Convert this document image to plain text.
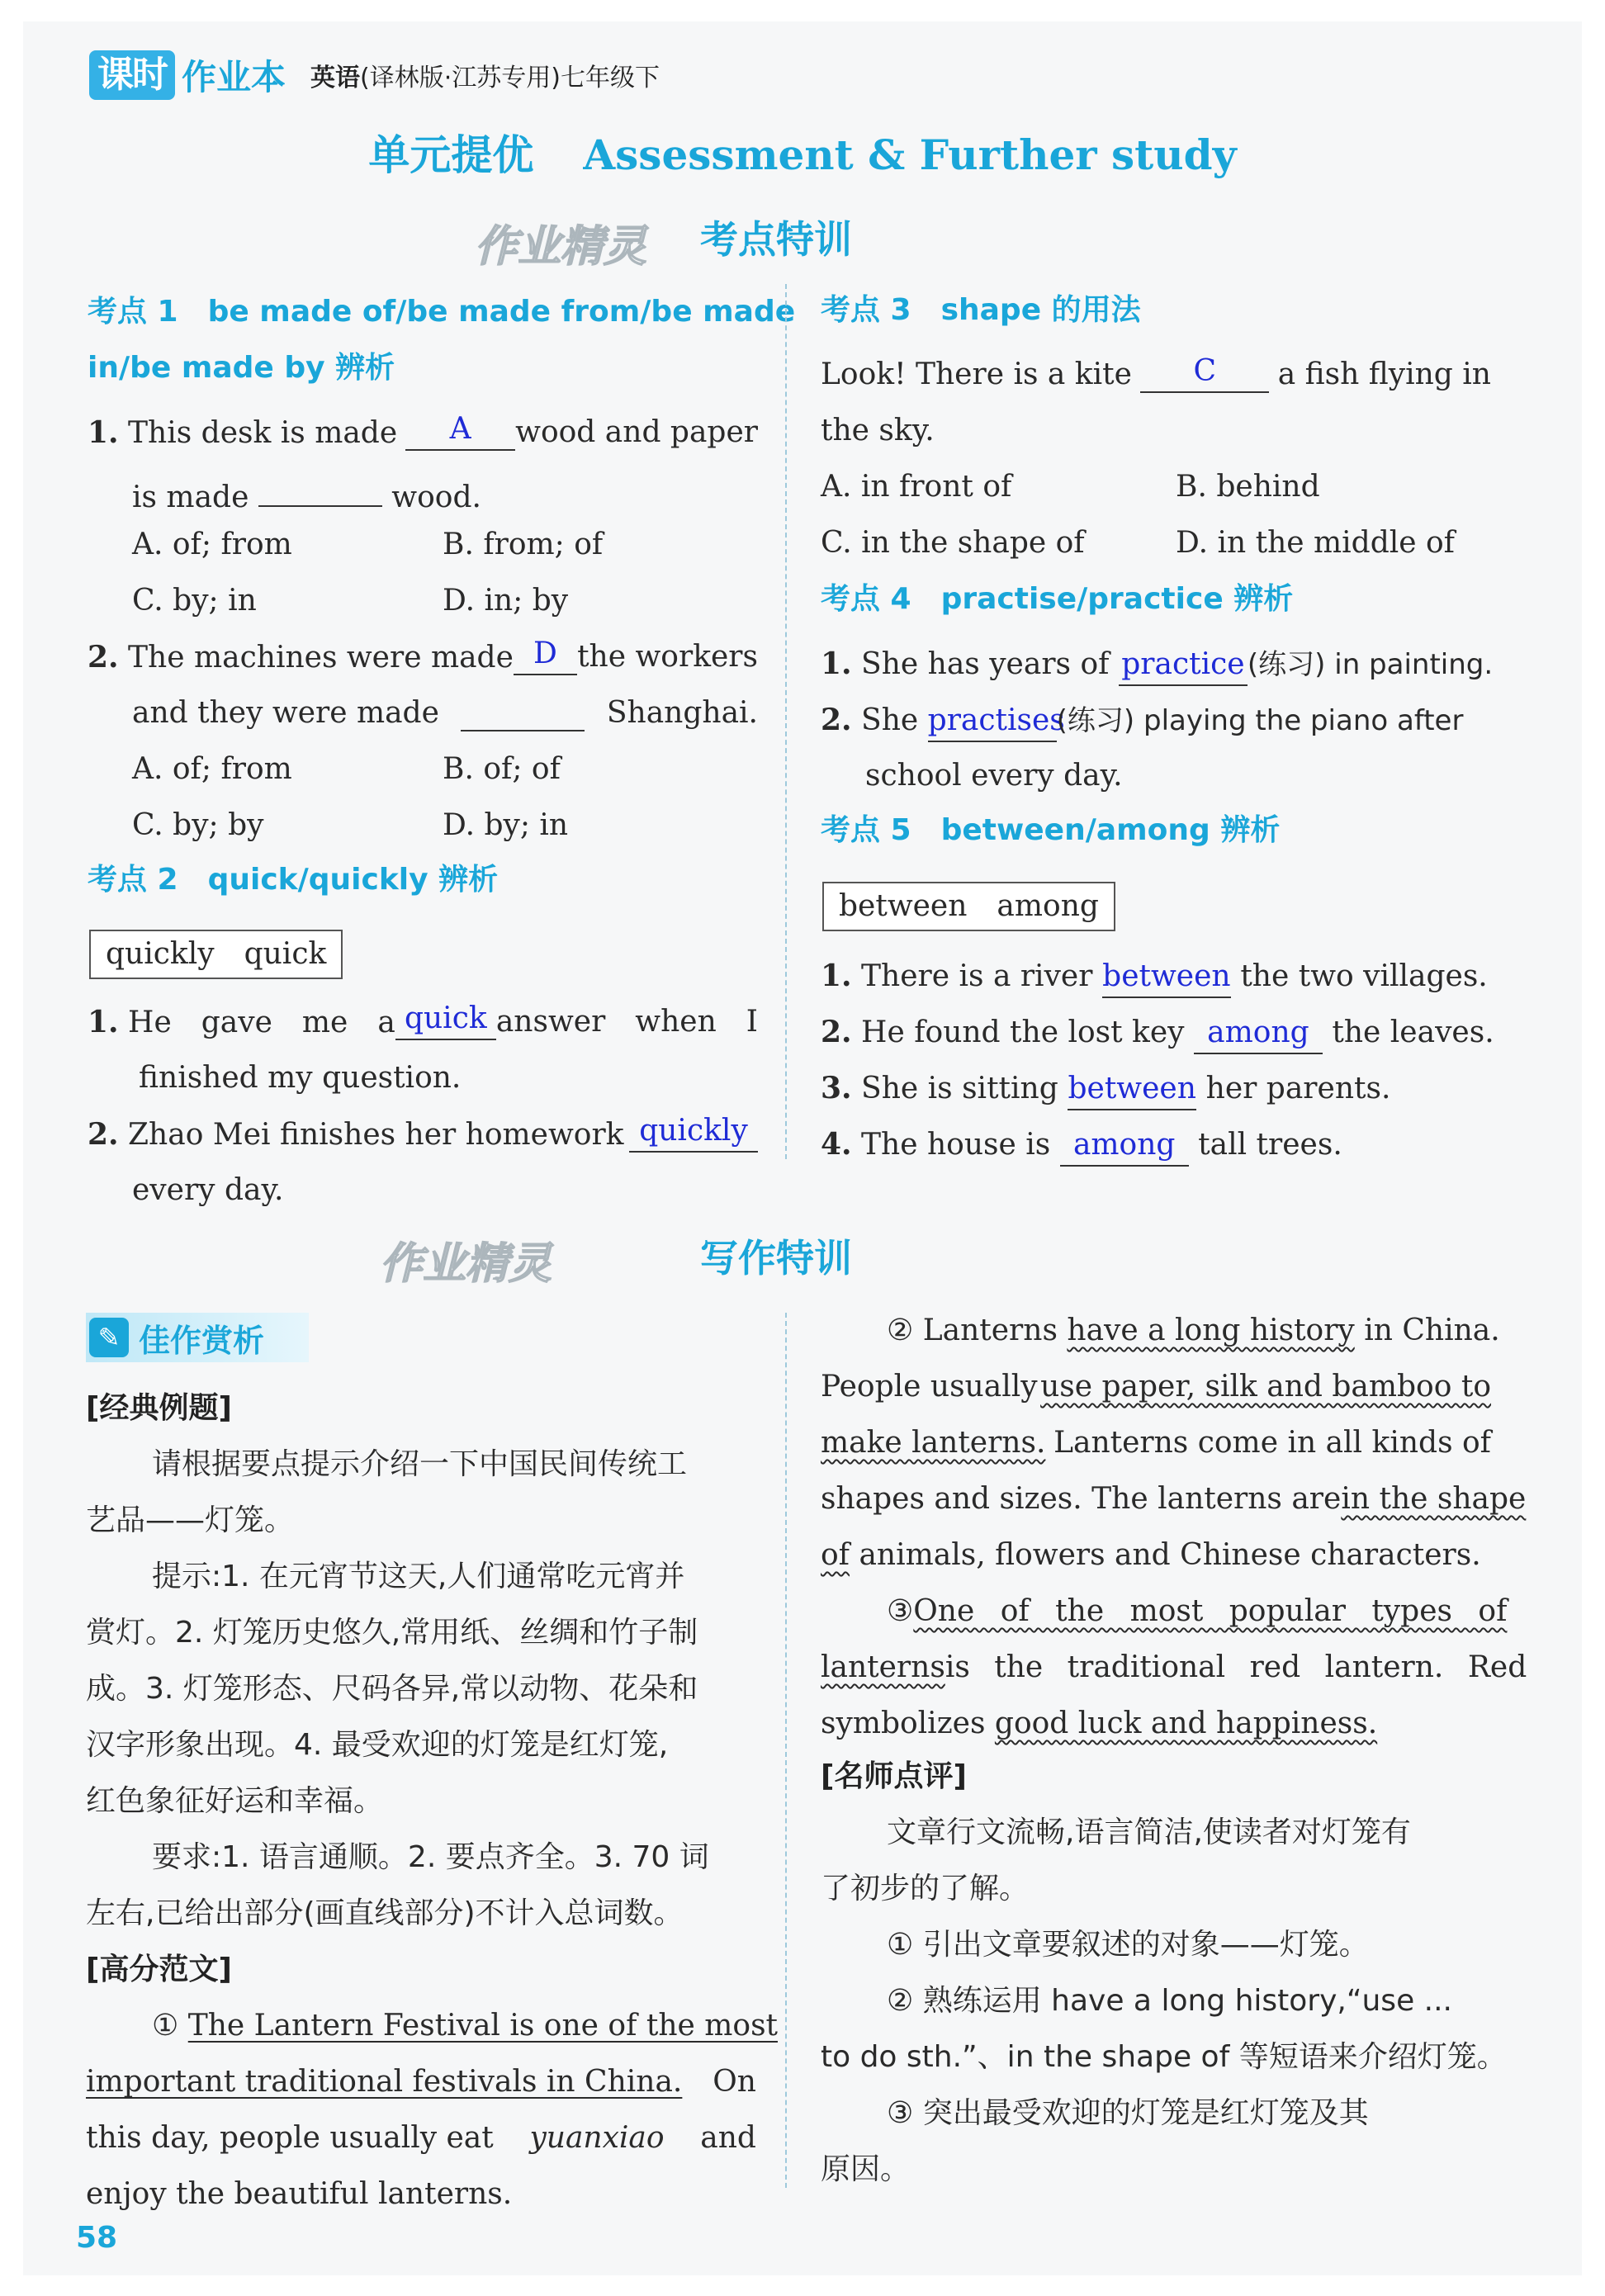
课时 作业本 英语(译林版·江苏专用)七年级下
单元提优 Assessment & Further study
作业精灵 考点特训
考点 1　be made of/be made from/be made
in/be made by 辨析
1. This desk is made	A	wood and paper
is made	wood.
A. of; from	B. from; of
C. by; in	D. in; by
2. The machines were made D the workers
and they were made	Shanghai.
A. of; from	B. of; of
C. by; by	D. by; in
考点 2　quick/quickly 辨析
quickly　quick
1. He　gave　me　a quick answer　when　I
finished my question.
2. Zhao Mei finishes her homework quickly
every day.
考点 3　shape 的用法
Look! There is a kite	C	a fish flying in
the sky.
A. in front of	B. behind
C. in the shape of	D. in the middle of
考点 4　practise/practice 辨析
1. She has years of practice(练习) in painting.
2. She practises(练习) playing the piano after
school every day.
考点 5　between/among 辨析
between　among
1. There is a river between the two villages.
2. He found the lost key among the leaves.
3. She is sitting between her parents.
4. The house is among tall trees.
作业精灵	写作特训
✎ 佳作赏析
[经典例题]
请根据要点提示介绍一下中国民间传统工
艺品——灯笼。
提示:1. 在元宵节这天,人们通常吃元宵并
赏灯。2. 灯笼历史悠久,常用纸、丝绸和竹子制
成。3. 灯笼形态、尺码各异,常以动物、花朵和
汉字形象出现。4. 最受欢迎的灯笼是红灯笼,
红色象征好运和幸福。
要求:1. 语言通顺。2. 要点齐全。3. 70 词
左右,已给出部分(画直线部分)不计入总词数。
[高分范文]
① The Lantern Festival is one of the most
important traditional festivals in China. On
this day, people usually eat yuanxiao and
enjoy the beautiful lanterns.
② Lanterns have a long history in China.
People usually use paper, silk and bamboo to
make lanterns. Lanterns come in all kinds of
shapes and sizes. The lanterns are in the shape
of animals, flowers and Chinese characters.
③ One of the most popular types of
lanterns is the traditional red lantern. Red
symbolizes good luck and happiness.
[名师点评]
文章行文流畅,语言简洁,使读者对灯笼有
了初步的了解。
① 引出文章要叙述的对象——灯笼。
② 熟练运用 have a long history,“use ...
to do sth.”、in the shape of 等短语来介绍灯笼。
③ 突出最受欢迎的灯笼是红灯笼及其
原因。
58
